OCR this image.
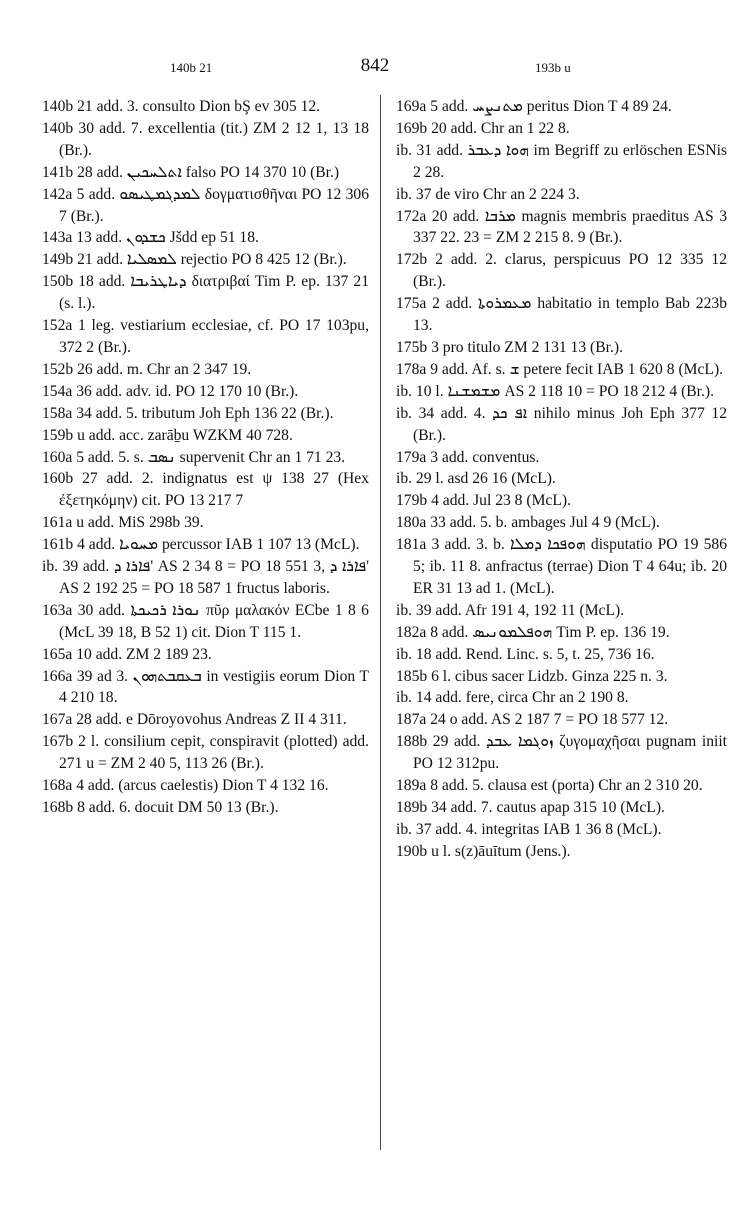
140b 21	842	193b u

140b 21 add. 3. consulto Dion bŞ ev 305 12.

140b 30 add. 7. excellentia (tit.) ZM 2 12 1, 13 18 (Br.).

141b 28 add. ܐܬܠܚܟܝܢ falso PO 14 370 10 (Br.)

142a 5 add. ܠܡܕܓܡܛܝܣܘ δογματισθῆναι PO 12 306 7 (Br.).

143a 13 add. ܟܫܕܘܢ Jšdd ep 51 18.

149b 21 add. ܠܡܣܠܝܐ rejectio PO 8 425 12 (Br.).

150b 18 add. ܕܝܐܛܪܝܒܐ διατριβαί Tim P. ep. 137 21 (s. l.).

152a 1 leg. vestiarium ecclesiae, cf. PO 17 103pu, 372 2 (Br.).

152b 26 add. m. Chr an 2 347 19.

154a 36 add. adv. id. PO 12 170 10 (Br.).

158a 34 add. 5. tributum Joh Eph 136 22 (Br.).

159b u add. acc. zarāḇu WZKM 40 728.

160a 5 add. 5. s. ܢܣܒ supervenit Chr an 1 71 23.

160b 27 add. 2. indignatus est ψ 138 27 (Hex ἐξετηκόμην) cit. PO 13 217 7

161a u add. MiS 298b 39.

161b 4 add. ܡܚܘܝܐ percussor IAB 1 107 13 (McL).

ib. 39 add. ܦܐܪܐ ܕ' AS 2 34 8 = PO 18 551 3, ܦܐܪܐ ܕ' AS 2 192 25 = PO 18 587 1 fructus laboris.

163a 30 add. ܢܘܪܐ ܪܟܝܟܬܐ πῦρ μαλακόν ECbe 1 8 6 (McL 39 18, B 52 1) cit. Dion T 115 1.

165a 10 add. ZM 2 189 23.

166a 39 ad 3. ܒܥܩܒܬܗܘܢ in vestigiis eorum Dion T 4 210 18.

167a 28 add. e Dōroyovohus Andreas Z II 4 311.

167b 2 l. consilium cepit, conspiravit (plotted) add. 271 u = ZM 2 40 5, 113 26 (Br.).

168a 4 add. (arcus caelestis) Dion T 4 132 16.

168b 8 add. 6. docuit DM 50 13 (Br.).

169a 5 add. ܡܬܢܨܚ peritus Dion T 4 89 24.

169b 20 add. Chr an 1 22 8.

ib. 31 add. ܗܘܐ ܕܥܒܪ im Begriff zu erlöschen ESNis 2 28.

ib. 37 de viro Chr an 2 224 3.

172a 20 add. ܡܪܒܐ magnis membris praeditus AS 3 337 22. 23 = ZM 2 215 8. 9 (Br.).

172b 2 add. 2. clarus, perspicuus PO 12 335 12 (Br.).

175a 2 add. ܡܥܡܪܘܬܐ habitatio in templo Bab 223b 13.

175b 3 pro titulo ZM 2 131 13 (Br.).

178a 9 add. Af. s. ܫ petere fecit IAB 1 620 8 (McL).

ib. 10 l. ܡܫܡܫܢܐ AS 2 118 10 = PO 18 212 4 (Br.).

ib. 34 add. 4. ܐܦ ܟܕ nihilo minus Joh Eph 377 12 (Br.).

179a 3 add. conventus.

ib. 29 l. asd 26 16 (McL).

179b 4 add. Jul 23 8 (McL).

180a 33 add. 5. b. ambages Jul 4 9 (McL).

181a 3 add. 3. b. ܗܘܦܟܐ ܕܡܠܐ disputatio PO 19 586 5; ib. 11 8. anfractus (terrae) Dion T 4 64u; ib. 20 ER 31 13 ad 1. (McL).

ib. 39 add. Afr 191 4, 192 11 (McL).

182a 8 add. ܗܘܦܠܡܘܢܝܣ Tim P. ep. 136 19.

ib. 18 add. Rend. Linc. s. 5, t. 25, 736 16.

185b 6 l. cibus sacer Lidzb. Ginza 225 n. 3.

ib. 14 add. fere, circa Chr an 2 190 8.

187a 24 o add. AS 2 187 7 = PO 18 577 12.

188b 29 add. ܙܘܓܡܐ ܥܒܕ ζυγομαχῆσαι pugnam iniit PO 12 312pu.

189a 8 add. 5. clausa est (porta) Chr an 2 310 20.

189b 34 add. 7. cautus apap 315 10 (McL).

ib. 37 add. 4. integritas IAB 1 36 8 (McL).

190b u l. s(z)āuītum (Jens.).
